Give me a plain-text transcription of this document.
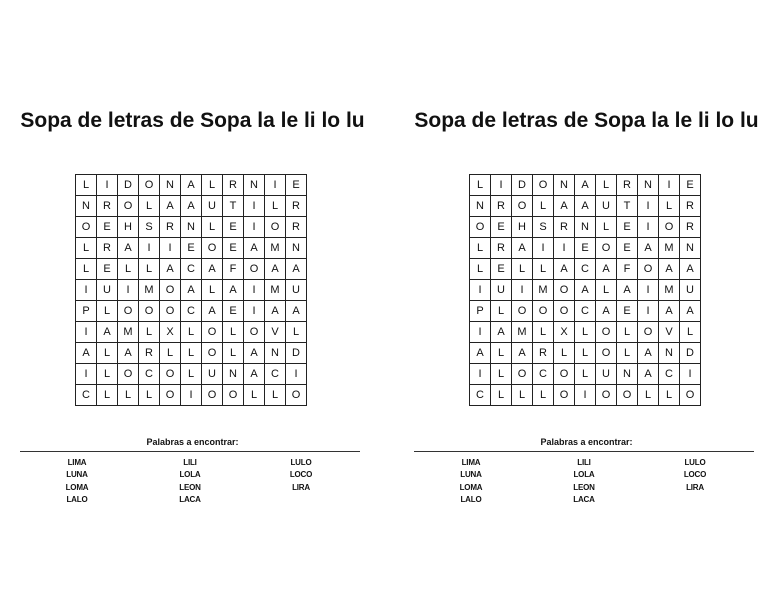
Sopa de letras de Sopa la le li lo lu
L	I	D	O	N	A	L	R	N	I	E
N	R	O	L	A	A	U	T	I	L	R
O	E	H	S	R	N	L	E	I	O	R
L	R	A	I	I	E	O	E	A	M	N
L	E	L	L	A	C	A	F	O	A	A
I	U	I	M	O	A	L	A	I	M	U
P	L	O	O	O	C	A	E	I	A	A
I	A	M	L	X	L	O	L	O	V	L
A	L	A	R	L	L	O	L	A	N	D
I	L	O	C	O	L	U	N	A	C	I
C	L	L	L	O	I	O	O	L	L	O
Palabras a encontrar:
LIMA
LUNA
LOMA
LALO
LILI
LOLA
LEON
LACA
LULO
LOCO
LIRA
Sopa de letras de Sopa la le li lo lu
L	I	D	O	N	A	L	R	N	I	E
N	R	O	L	A	A	U	T	I	L	R
O	E	H	S	R	N	L	E	I	O	R
L	R	A	I	I	E	O	E	A	M	N
L	E	L	L	A	C	A	F	O	A	A
I	U	I	M	O	A	L	A	I	M	U
P	L	O	O	O	C	A	E	I	A	A
I	A	M	L	X	L	O	L	O	V	L
A	L	A	R	L	L	O	L	A	N	D
I	L	O	C	O	L	U	N	A	C	I
C	L	L	L	O	I	O	O	L	L	O
Palabras a encontrar:
LIMA
LUNA
LOMA
LALO
LILI
LOLA
LEON
LACA
LULO
LOCO
LIRA
